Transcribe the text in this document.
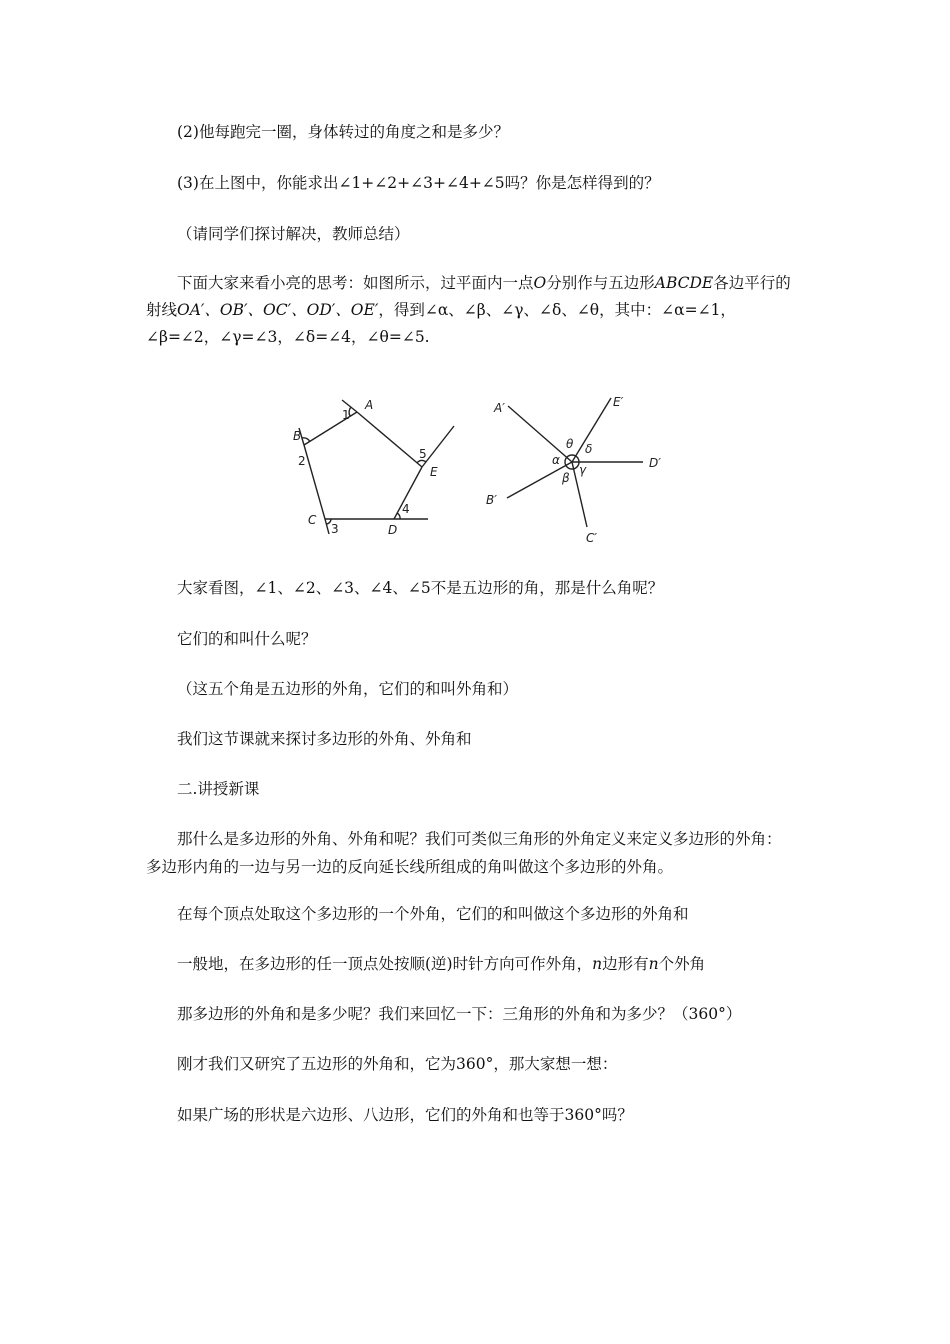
(2)他每跑完一圈，身体转过的角度之和是多少？
(3)在上图中，你能求出∠1+∠2+∠3+∠4+∠5吗？你是怎样得到的？
（请同学们探讨解决，教师总结）
下面大家来看小亮的思考：如图所示，过平面内一点O分别作与五边形ABCDE各边平行的射线OA′、OB′、OC′、OD′、OE′，得到∠α、∠β、∠γ、∠δ、∠θ，其中：∠α=∠1，∠β=∠2，∠γ=∠3，∠δ=∠4，∠θ=∠5.
A
B
C
D
E
1
2
3
4
5
A′
B′
C′
D′
E′
α
β
γ
δ
θ
大家看图，∠1、∠2、∠3、∠4、∠5不是五边形的角，那是什么角呢？
它们的和叫什么呢？
（这五个角是五边形的外角，它们的和叫外角和）
我们这节课就来探讨多边形的外角、外角和
二.讲授新课
那什么是多边形的外角、外角和呢？我们可类似三角形的外角定义来定义多边形的外角：多边形内角的一边与另一边的反向延长线所组成的角叫做这个多边形的外角。
在每个顶点处取这个多边形的一个外角，它们的和叫做这个多边形的外角和
一般地，在多边形的任一顶点处按顺(逆)时针方向可作外角，n边形有n个外角
那多边形的外角和是多少呢？我们来回忆一下：三角形的外角和为多少？（360°）
刚才我们又研究了五边形的外角和，它为360°，那大家想一想：
如果广场的形状是六边形、八边形，它们的外角和也等于360°吗？
